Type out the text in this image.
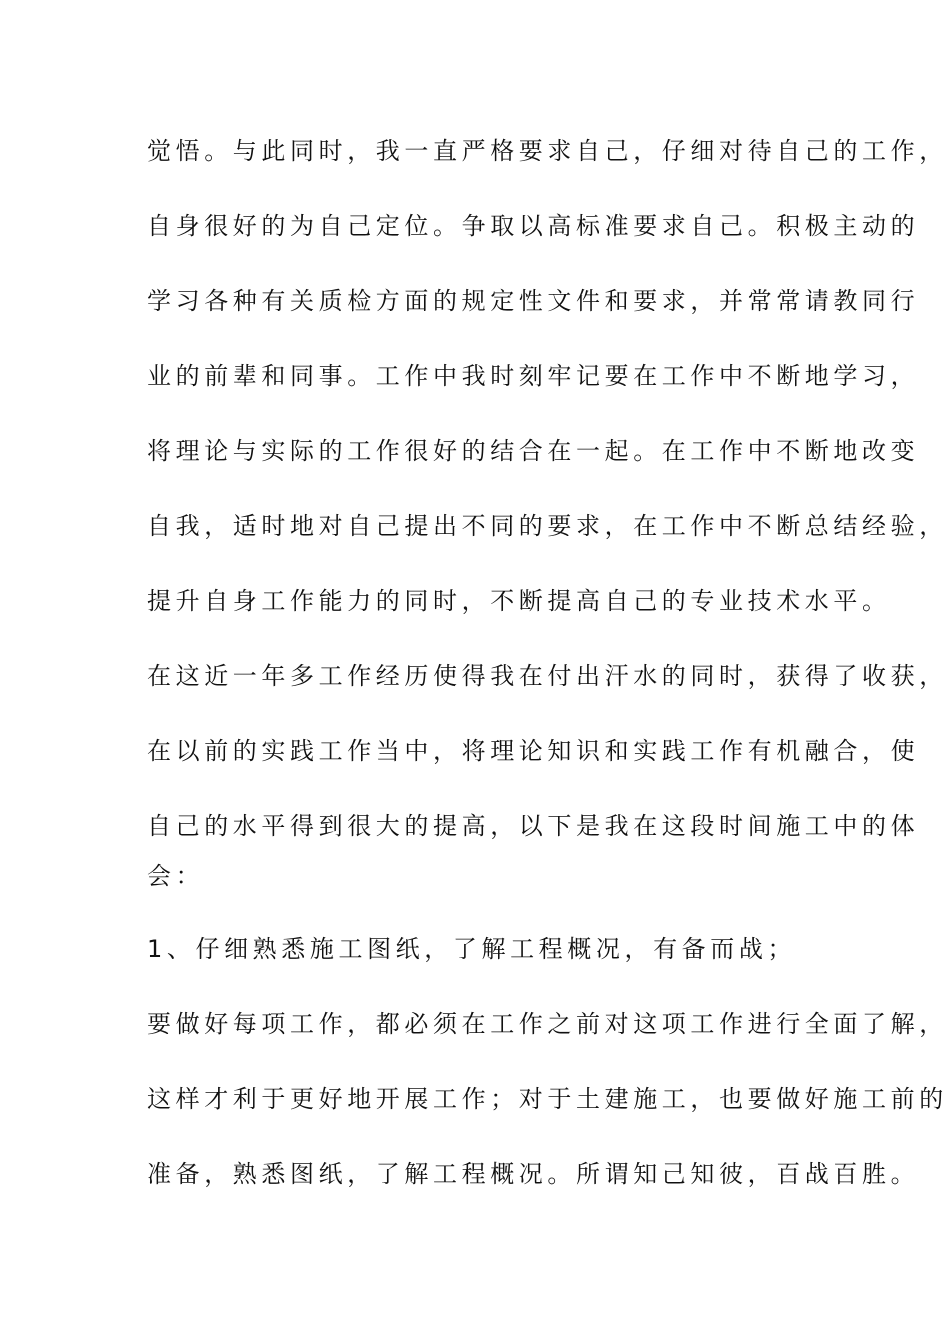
觉悟。与此同时，我一直严格要求自己，仔细对待自己的工作，
自身很好的为自己定位。争取以高标准要求自己。积极主动的
学习各种有关质检方面的规定性文件和要求，并常常请教同行
业的前辈和同事。工作中我时刻牢记要在工作中不断地学习，
将理论与实际的工作很好的结合在一起。在工作中不断地改变
自我，适时地对自己提出不同的要求，在工作中不断总结经验，
提升自身工作能力的同时，不断提高自己的专业技术水平。
在这近一年多工作经历使得我在付出汗水的同时，获得了收获，
在以前的实践工作当中，将理论知识和实践工作有机融合，使
自己的水平得到很大的提高，以下是我在这段时间施工中的体
会：
1、仔细熟悉施工图纸，了解工程概况，有备而战；
要做好每项工作，都必须在工作之前对这项工作进行全面了解，
这样才利于更好地开展工作；对于土建施工，也要做好施工前的
准备，熟悉图纸，了解工程概况。所谓知己知彼，百战百胜。
